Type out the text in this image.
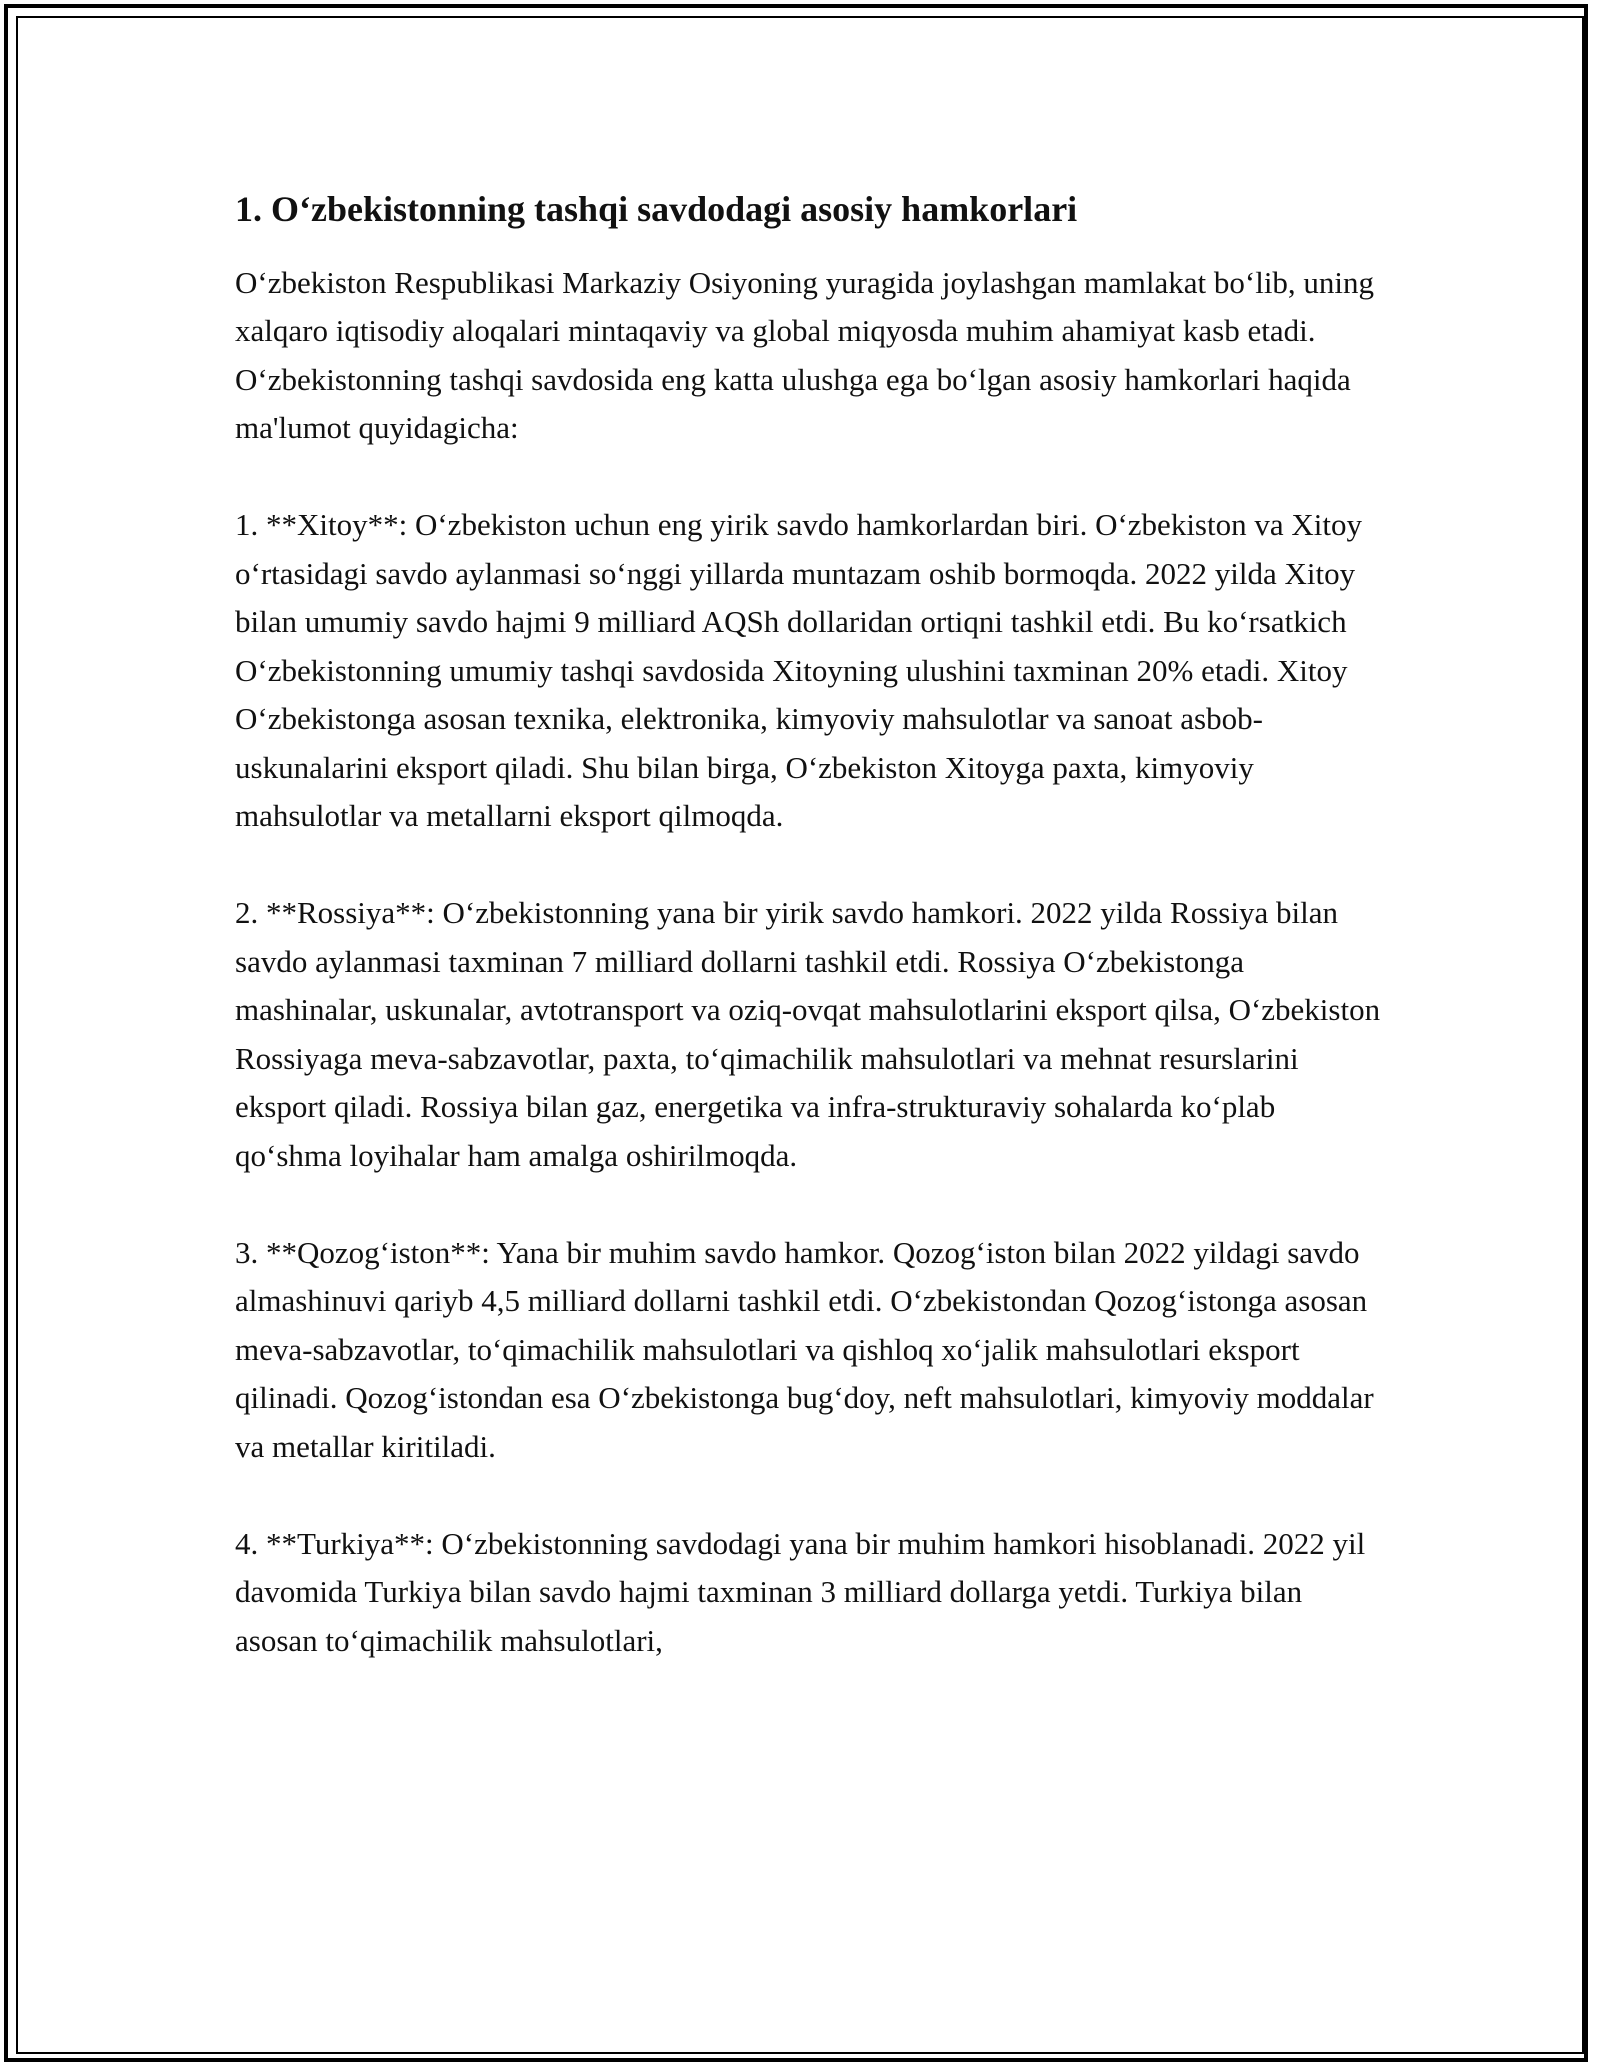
1. Oʻzbekistonning tashqi savdodagi asosiy hamkorlari

Oʻzbekiston Respublikasi Markaziy Osiyoning yuragida joylashgan mamlakat boʻlib, uning xalqaro iqtisodiy aloqalari mintaqaviy va global miqyosda muhim ahamiyat kasb etadi. Oʻzbekistonning tashqi savdosida eng katta ulushga ega boʻlgan asosiy hamkorlari haqida ma'lumot quyidagicha:

1. **Xitoy**: Oʻzbekiston uchun eng yirik savdo hamkorlardan biri. Oʻzbekiston va Xitoy oʻrtasidagi savdo aylanmasi soʻnggi yillarda muntazam oshib bormoqda. 2022 yilda Xitoy bilan umumiy savdo hajmi 9 milliard AQSh dollaridan ortiqni tashkil etdi. Bu koʻrsatkich Oʻzbekistonning umumiy tashqi savdosida Xitoyning ulushini taxminan 20% etadi. Xitoy Oʻzbekistonga asosan texnika, elektronika, kimyoviy mahsulotlar va sanoat asbob-uskunalarini eksport qiladi. Shu bilan birga, Oʻzbekiston Xitoyga paxta, kimyoviy mahsulotlar va metallarni eksport qilmoqda.

2. **Rossiya**: Oʻzbekistonning yana bir yirik savdo hamkori. 2022 yilda Rossiya bilan savdo aylanmasi taxminan 7 milliard dollarni tashkil etdi. Rossiya Oʻzbekistonga mashinalar, uskunalar, avtotransport va oziq-ovqat mahsulotlarini eksport qilsa, Oʻzbekiston Rossiyaga meva-sabzavotlar, paxta, toʻqimachilik mahsulotlari va mehnat resurslarini eksport qiladi. Rossiya bilan gaz, energetika va infra-strukturaviy sohalarda koʻplab qoʻshma loyihalar ham amalga oshirilmoqda.

3. **Qozogʻiston**: Yana bir muhim savdo hamkor. Qozogʻiston bilan 2022 yildagi savdo almashinuvi qariyb 4,5 milliard dollarni tashkil etdi. Oʻzbekistondan Qozogʻistonga asosan meva-sabzavotlar, toʻqimachilik mahsulotlari va qishloq xoʻjalik mahsulotlari eksport qilinadi. Qozogʻistondan esa Oʻzbekistonga bugʻdoy, neft mahsulotlari, kimyoviy moddalar va metallar kiritiladi.

4. **Turkiya**: Oʻzbekistonning savdodagi yana bir muhim hamkori hisoblanadi. 2022 yil davomida Turkiya bilan savdo hajmi taxminan 3 milliard dollarga yetdi. Turkiya bilan asosan toʻqimachilik mahsulotlari,
